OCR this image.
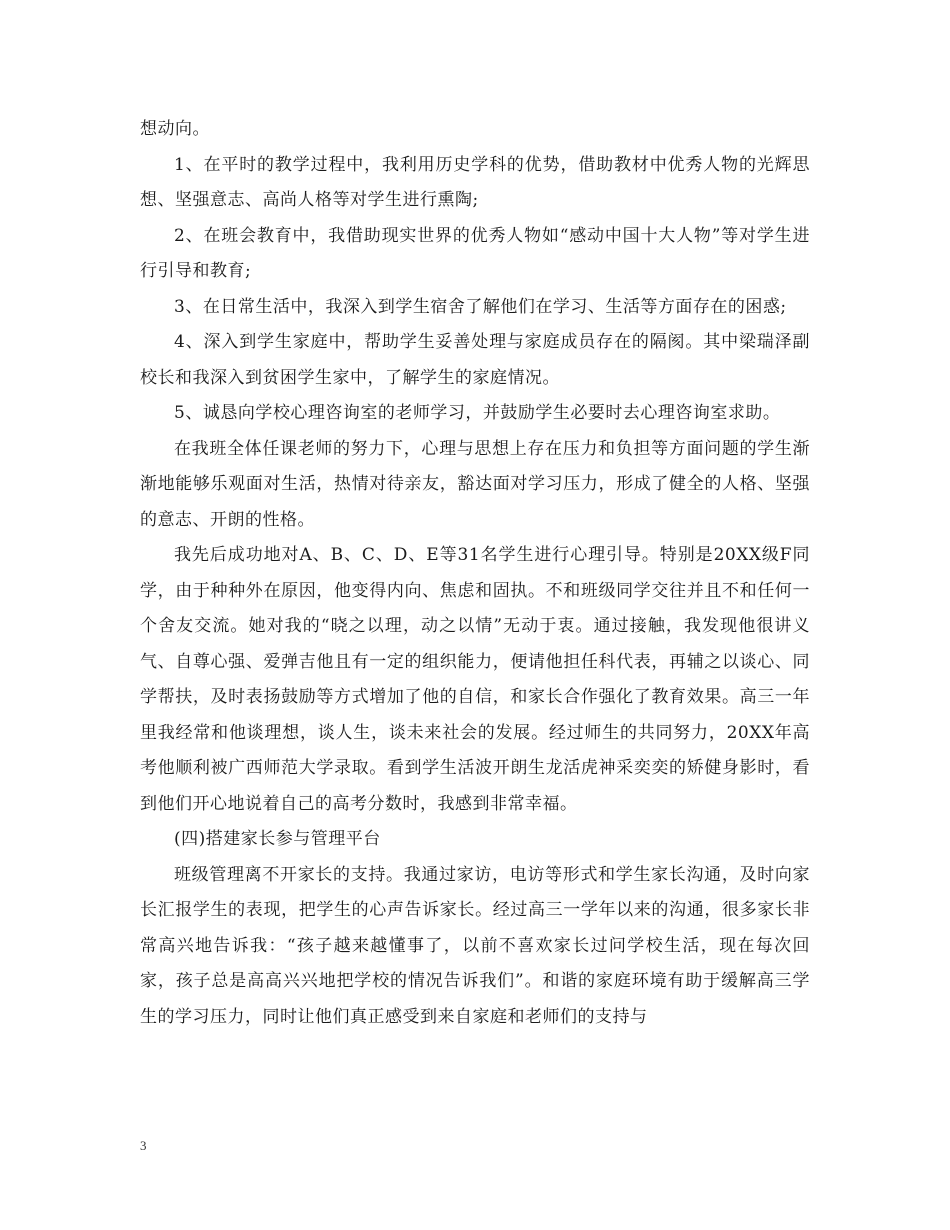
想动向。

1、在平时的教学过程中，我利用历史学科的优势，借助教材中优秀人物的光辉思想、坚强意志、高尚人格等对学生进行熏陶;

2、在班会教育中，我借助现实世界的优秀人物如“感动中国十大人物”等对学生进行引导和教育;

3、在日常生活中，我深入到学生宿舍了解他们在学习、生活等方面存在的困惑;

4、深入到学生家庭中，帮助学生妥善处理与家庭成员存在的隔阂。其中梁瑞泽副校长和我深入到贫困学生家中，了解学生的家庭情况。

5、诚恳向学校心理咨询室的老师学习，并鼓励学生必要时去心理咨询室求助。

在我班全体任课老师的努力下，心理与思想上存在压力和负担等方面问题的学生渐渐地能够乐观面对生活，热情对待亲友，豁达面对学习压力，形成了健全的人格、坚强的意志、开朗的性格。

我先后成功地对A、B、C、D、E等31名学生进行心理引导。特别是20XX级F同学，由于种种外在原因，他变得内向、焦虑和固执。不和班级同学交往并且不和任何一个舍友交流。她对我的“晓之以理，动之以情”无动于衷。通过接触，我发现他很讲义气、自尊心强、爱弹吉他且有一定的组织能力，便请他担任科代表，再辅之以谈心、同学帮扶，及时表扬鼓励等方式增加了他的自信，和家长合作强化了教育效果。高三一年里我经常和他谈理想，谈人生，谈未来社会的发展。经过师生的共同努力，20XX年高考他顺利被广西师范大学录取。看到学生活波开朗生龙活虎神采奕奕的矫健身影时，看到他们开心地说着自己的高考分数时，我感到非常幸福。

(四)搭建家长参与管理平台

班级管理离不开家长的支持。我通过家访，电访等形式和学生家长沟通，及时向家长汇报学生的表现，把学生的心声告诉家长。经过高三一学年以来的沟通，很多家长非常高兴地告诉我：“孩子越来越懂事了，以前不喜欢家长过问学校生活，现在每次回家，孩子总是高高兴兴地把学校的情况告诉我们”。和谐的家庭环境有助于缓解高三学生的学习压力，同时让他们真正感受到来自家庭和老师们的支持与

3
